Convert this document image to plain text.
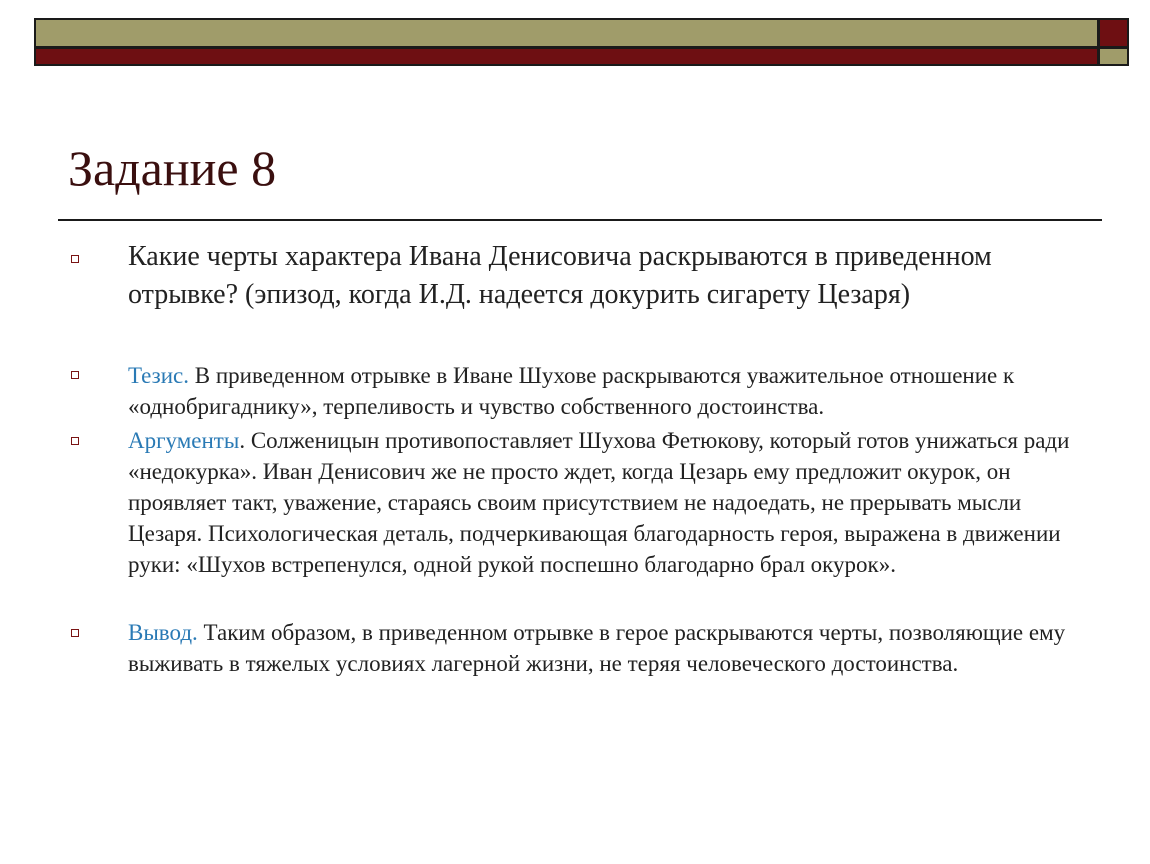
Задание 8
Какие черты характера Ивана Денисовича раскрываются в приведенном отрывке? (эпизод, когда И.Д. надеется докурить сигарету Цезаря)
Тезис. В приведенном отрывке в Иване Шухове раскрываются уважительное отношение к «однобригаднику», терпеливость и чувство собственного достоинства.
Аргументы. Солженицын противопоставляет Шухова Фетюкову, который готов унижаться ради «недокурка». Иван Денисович же не просто ждет, когда Цезарь ему предложит окурок, он проявляет такт, уважение, стараясь своим присутствием не надоедать, не прерывать мысли Цезаря. Психологическая деталь, подчеркивающая благодарность героя, выражена в движении руки: «Шухов встрепенулся, одной рукой поспешно благодарно брал окурок».
Вывод. Таким образом, в приведенном отрывке в герое раскрываются черты, позволяющие ему выживать в тяжелых условиях лагерной жизни, не теряя человеческого достоинства.
